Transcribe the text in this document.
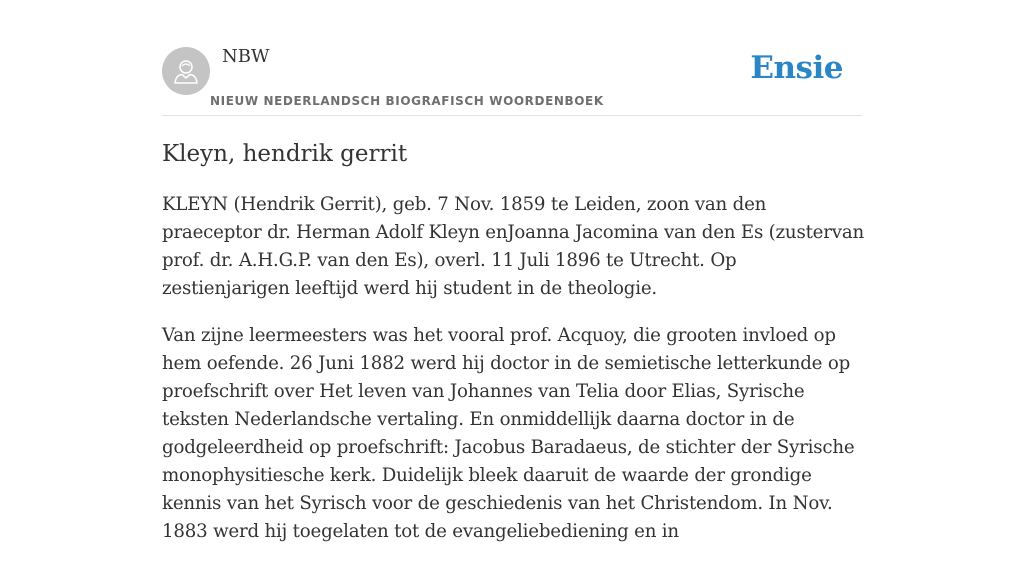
NBW
NIEUW NEDERLANDSCH BIOGRAFISCH WOORDENBOEK
Ensie
Kleyn, hendrik gerrit

KLEYN (Hendrik Gerrit), geb. 7 Nov. 1859 te Leiden, zoon van den praeceptor dr. Herman Adolf Kleyn enJoanna Jacomina van den Es (zustervan prof. dr. A.H.G.P. van den Es), overl. 11 Juli 1896 te Utrecht. Op zestienjarigen leeftijd werd hij student in de theologie.

Van zijne leermeesters was het vooral prof. Acquoy, die grooten invloed op hem oefende. 26 Juni 1882 werd hij doctor in de semietische letterkunde op proefschrift over Het leven van Johannes van Telia door Elias, Syrische teksten Nederlandsche vertaling. En onmiddellijk daarna doctor in de godgeleerdheid op proefschrift: Jacobus Baradaeus, de stichter der Syrische monophysitiesche kerk. Duidelijk bleek daaruit de waarde der grondige kennis van het Syrisch voor de geschiedenis van het Christendom. In Nov. 1883 werd hij toegelaten tot de evangeliebediening en in
